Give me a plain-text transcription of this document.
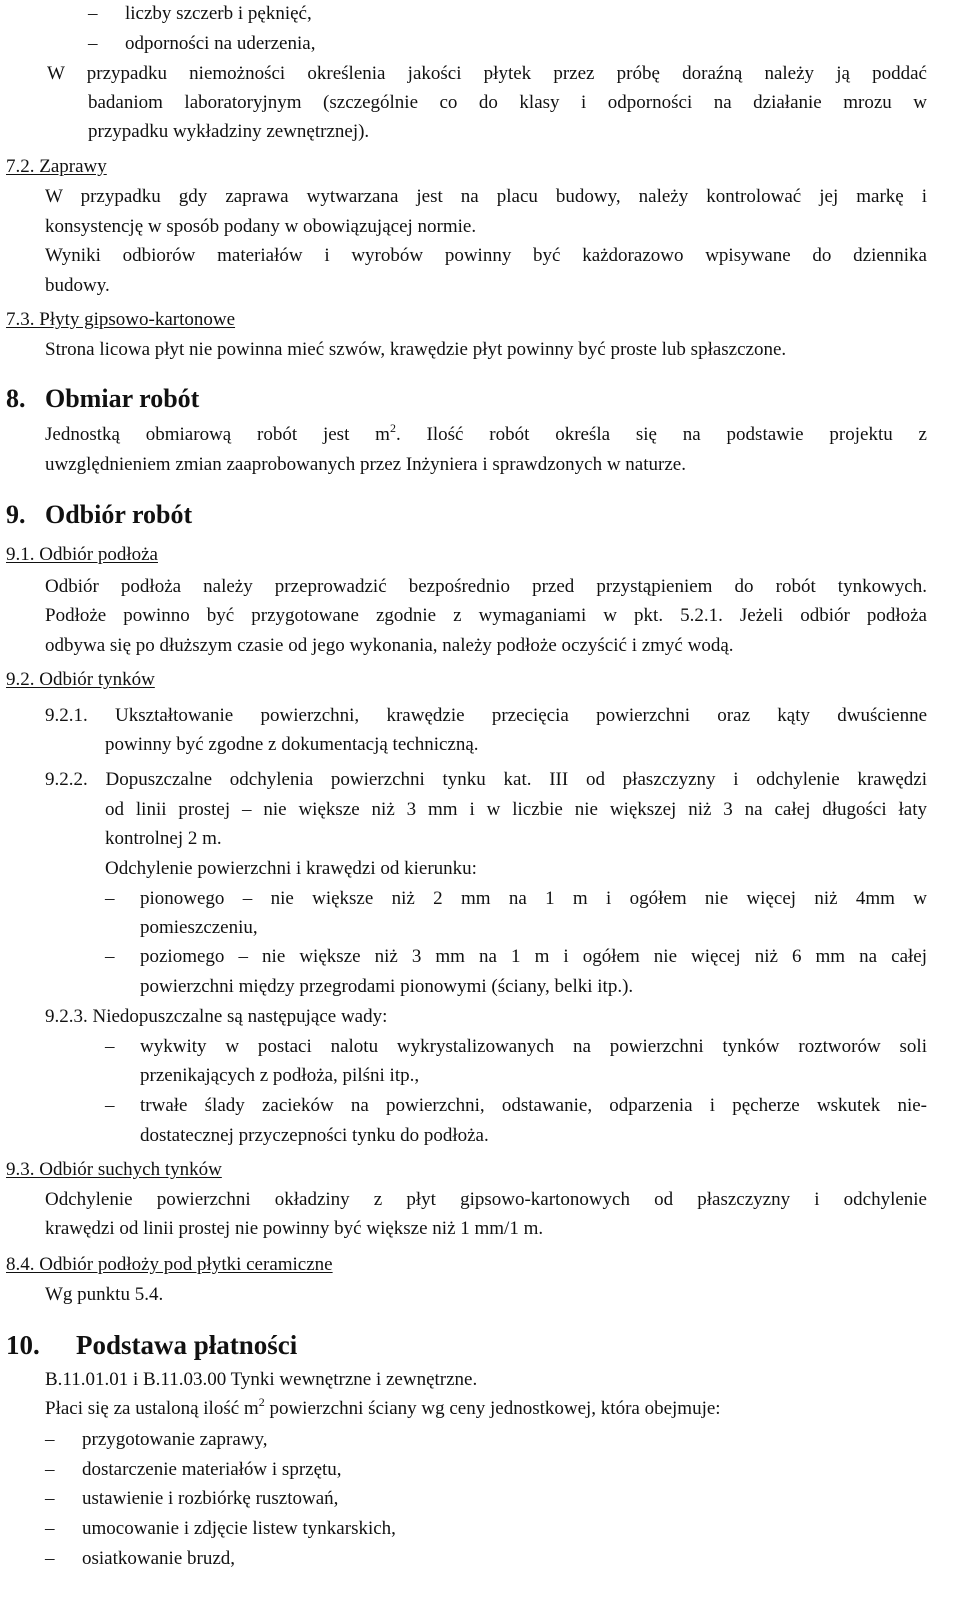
– liczby szczerb i pęknięć,
– odporności na uderzenia,
W przypadku niemożności określenia jakości płytek przez próbę doraźną należy ją poddać
badaniom laboratoryjnym (szczególnie co do klasy i odporności na działanie mrozu w
przypadku wykładziny zewnętrznej).
7.2. Zaprawy
W przypadku gdy zaprawa wytwarzana jest na placu budowy, należy kontrolować jej markę i
konsystencję w sposób podany w obowiązującej normie.
Wyniki odbiorów materiałów i wyrobów powinny być każdorazowo wpisywane do dziennika
budowy.
7.3. Płyty gipsowo-kartonowe
Strona licowa płyt nie powinna mieć szwów, krawędzie płyt powinny być proste lub spłaszczone.
8. Obmiar robót
Jednostką obmiarową robót jest $m^2$. Ilość robót określa się na podstawie projektu z
uwzględnieniem zmian zaaprobowanych przez Inżyniera i sprawdzonych w naturze.
9. Odbiór robót
9.1. Odbiór podłoża
Odbiór podłoża należy przeprowadzić bezpośrednio przed przystąpieniem do robót tynkowych.
Podłoże powinno być przygotowane zgodnie z wymaganiami w pkt. 5.2.1. Jeżeli odbiór podłoża
odbywa się po dłuższym czasie od jego wykonania, należy podłoże oczyścić i zmyć wodą.
9.2. Odbiór tynków
9.2.1. Ukształtowanie powierzchni, krawędzie przecięcia powierzchni oraz kąty dwuścienne
powinny być zgodne z dokumentacją techniczną.
9.2.2. Dopuszczalne odchylenia powierzchni tynku kat. III od płaszczyzny i odchylenie krawędzi
od linii prostej – nie większe niż 3 mm i w liczbie nie większej niż 3 na całej długości łaty
kontrolnej 2 m.
Odchylenie powierzchni i krawędzi od kierunku:
– pionowego – nie większe niż 2 mm na 1 m i ogółem nie więcej niż 4mm w
pomieszczeniu,
– poziomego – nie większe niż 3 mm na 1 m i ogółem nie więcej niż 6 mm na całej
powierzchni między przegrodami pionowymi (ściany, belki itp.).
9.2.3. Niedopuszczalne są następujące wady:
– wykwity w postaci nalotu wykrystalizowanych na powierzchni tynków roztworów soli
przenikających z podłoża, pilśni itp.,
– trwałe ślady zacieków na powierzchni, odstawanie, odparzenia i pęcherze wskutek nie-
dostatecznej przyczepności tynku do podłoża.
9.3. Odbiór suchych tynków
Odchylenie powierzchni okładziny z płyt gipsowo-kartonowych od płaszczyzny i odchylenie
krawędzi od linii prostej nie powinny być większe niż 1 mm/1 m.
8.4. Odbiór podłoży pod płytki ceramiczne
Wg punktu 5.4.
10. Podstawa płatności
B.11.01.01 i B.11.03.00 Tynki wewnętrzne i zewnętrzne.
Płaci się za ustaloną ilość $m^2$ powierzchni ściany wg ceny jednostkowej, która obejmuje:
– przygotowanie zaprawy,
– dostarczenie materiałów i sprzętu,
– ustawienie i rozbiórkę rusztowań,
– umocowanie i zdjęcie listew tynkarskich,
– osiatkowanie bruzd,
